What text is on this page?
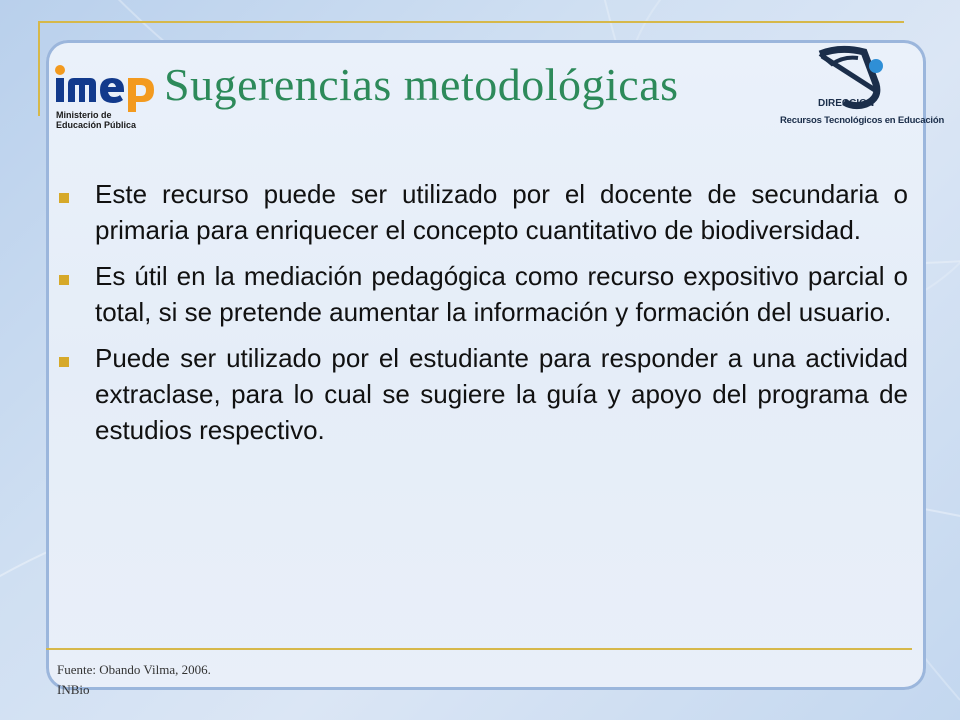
Ministerio de
Educación Pública
Sugerencias metodológicas	DIRECCION
Recursos Tecnológicos en Educación
Este recurso puede ser utilizado por el docente de secundaria o primaria para enriquecer el concepto cuantitativo de biodiversidad.
Es útil en la mediación pedagógica como recurso expositivo parcial o total, si se pretende aumentar la información y formación del usuario.
Puede ser utilizado por el estudiante para responder a una actividad extraclase, para lo cual se sugiere la guía y apoyo del programa de estudios respectivo.
Fuente: Obando Vilma, 2006.
INBio
